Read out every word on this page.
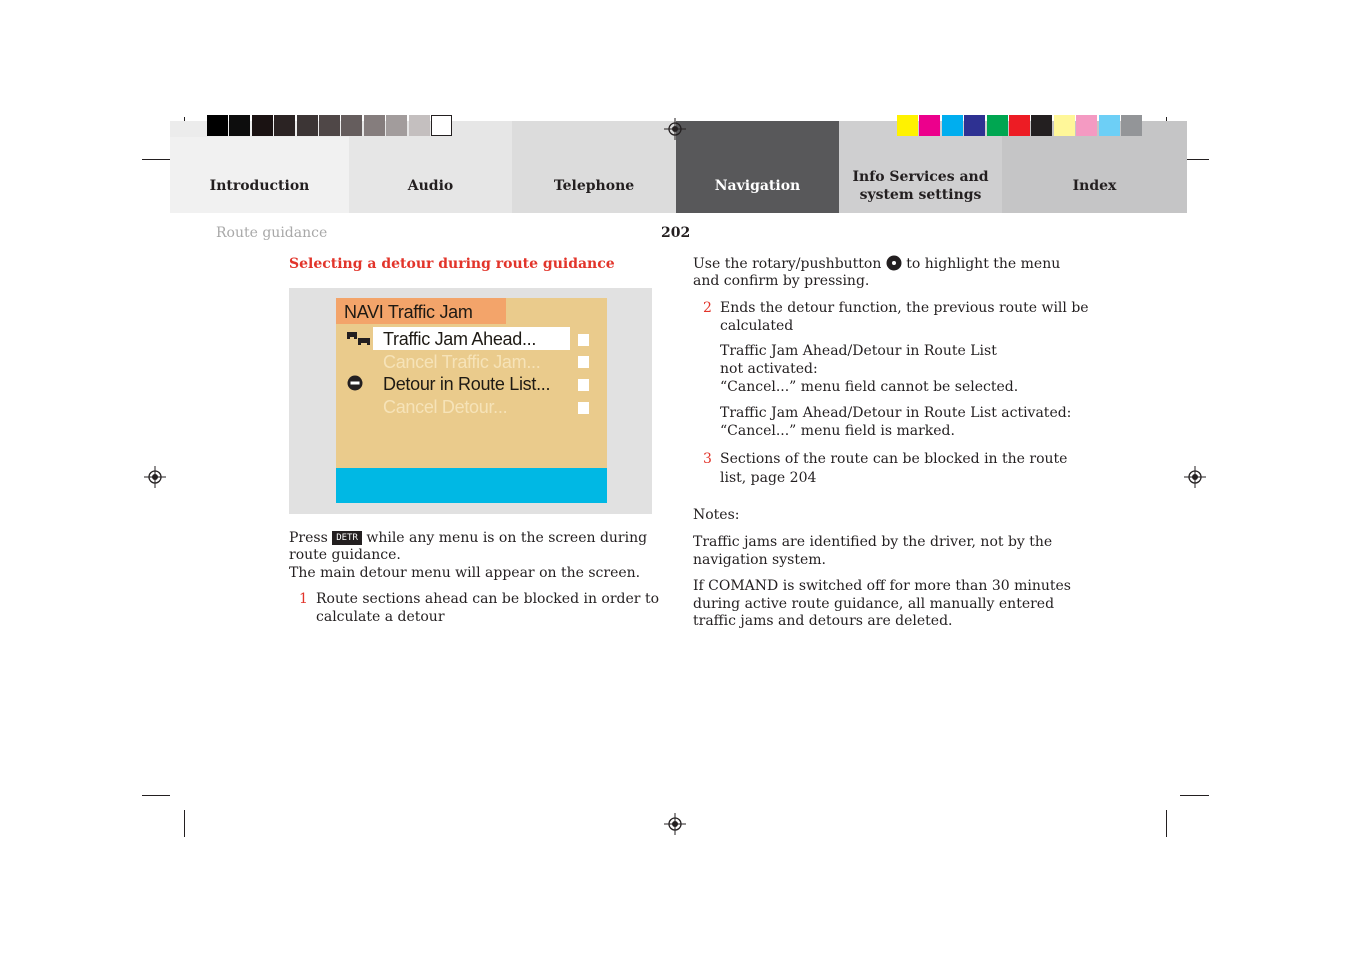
Introduction	Audio	Telephone	Navigation
Info Services and system settings
Index
Route guidance	202
Selecting a detour during route guidance
NAVI Traffic Jam
Traffic Jam Ahead...
Cancel Traffic Jam...
Detour in Route List...
Cancel Detour...
Press DETR while any menu is on the screen during
route guidance.
The main detour menu will appear on the screen.
1 Route sections ahead can be blocked in order to
calculate a detour
Use the rotary/pushbutton  to highlight the menu
and confirm by pressing.
2 Ends the detour function, the previous route will be
calculated
Traffic Jam Ahead/Detour in Route List
not activated:
“Cancel...” menu field cannot be selected.
Traffic Jam Ahead/Detour in Route List activated:
“Cancel...” menu field is marked.
3 Sections of the route can be blocked in the route
list, page 204
Notes:
Traffic jams are identified by the driver, not by the
navigation system.
If COMAND is switched off for more than 30 minutes
during active route guidance, all manually entered
traffic jams and detours are deleted.
